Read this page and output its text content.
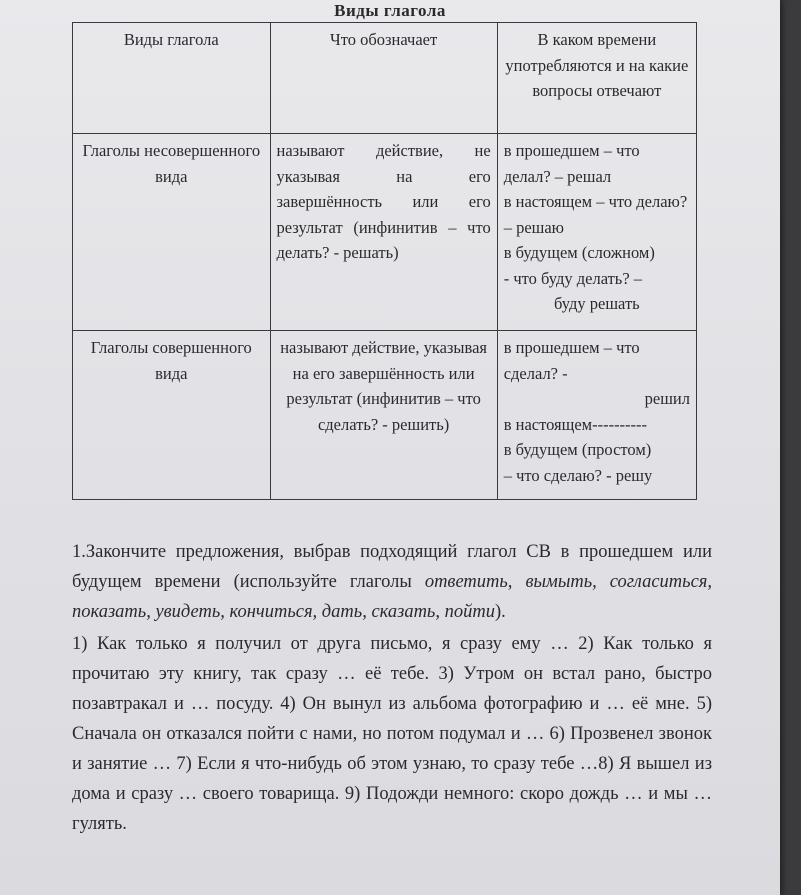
Виды глагола
Виды глагола	Что обозначает	В каком времени употребляются и на какие вопросы отвечают
Глаголы несовершенного вида	называют действие, не указывая на его завершённость или его результат (инфинитив – что делать? - решать)	в прошедшем – что делал? – решал
в настоящем – что делаю? – решаю
в будущем (сложном)
- что буду делать? –
буду решать

Глаголы совершенного вида	называют действие, указывая на его завершённость или результат (инфинитив – что сделать? - решить)	в прошедшем – что сделал? -
решил
в настоящем----------
в будущем (простом)
– что сделаю? - решу

1.Закончите предложения, выбрав подходящий глагол СВ в прошедшем или будущем времени (используйте глаголы ответить, вымыть, согласиться, показать, увидеть, кончиться, дать, сказать, пойти).

1) Как только я получил от друга письмо, я сразу ему … 2) Как только я прочитаю эту книгу, так сразу … её тебе. 3) Утром он встал рано, быстро позавтракал и … посуду. 4) Он вынул из альбома фотографию и … её мне. 5) Сначала он отказался пойти с нами, но потом подумал и … 6) Прозвенел звонок и занятие … 7) Если я что-нибудь об этом узнаю, то сразу тебе …8) Я вышел из дома и сразу … своего товарища. 9) Подожди немного: скоро дождь … и мы … гулять.
